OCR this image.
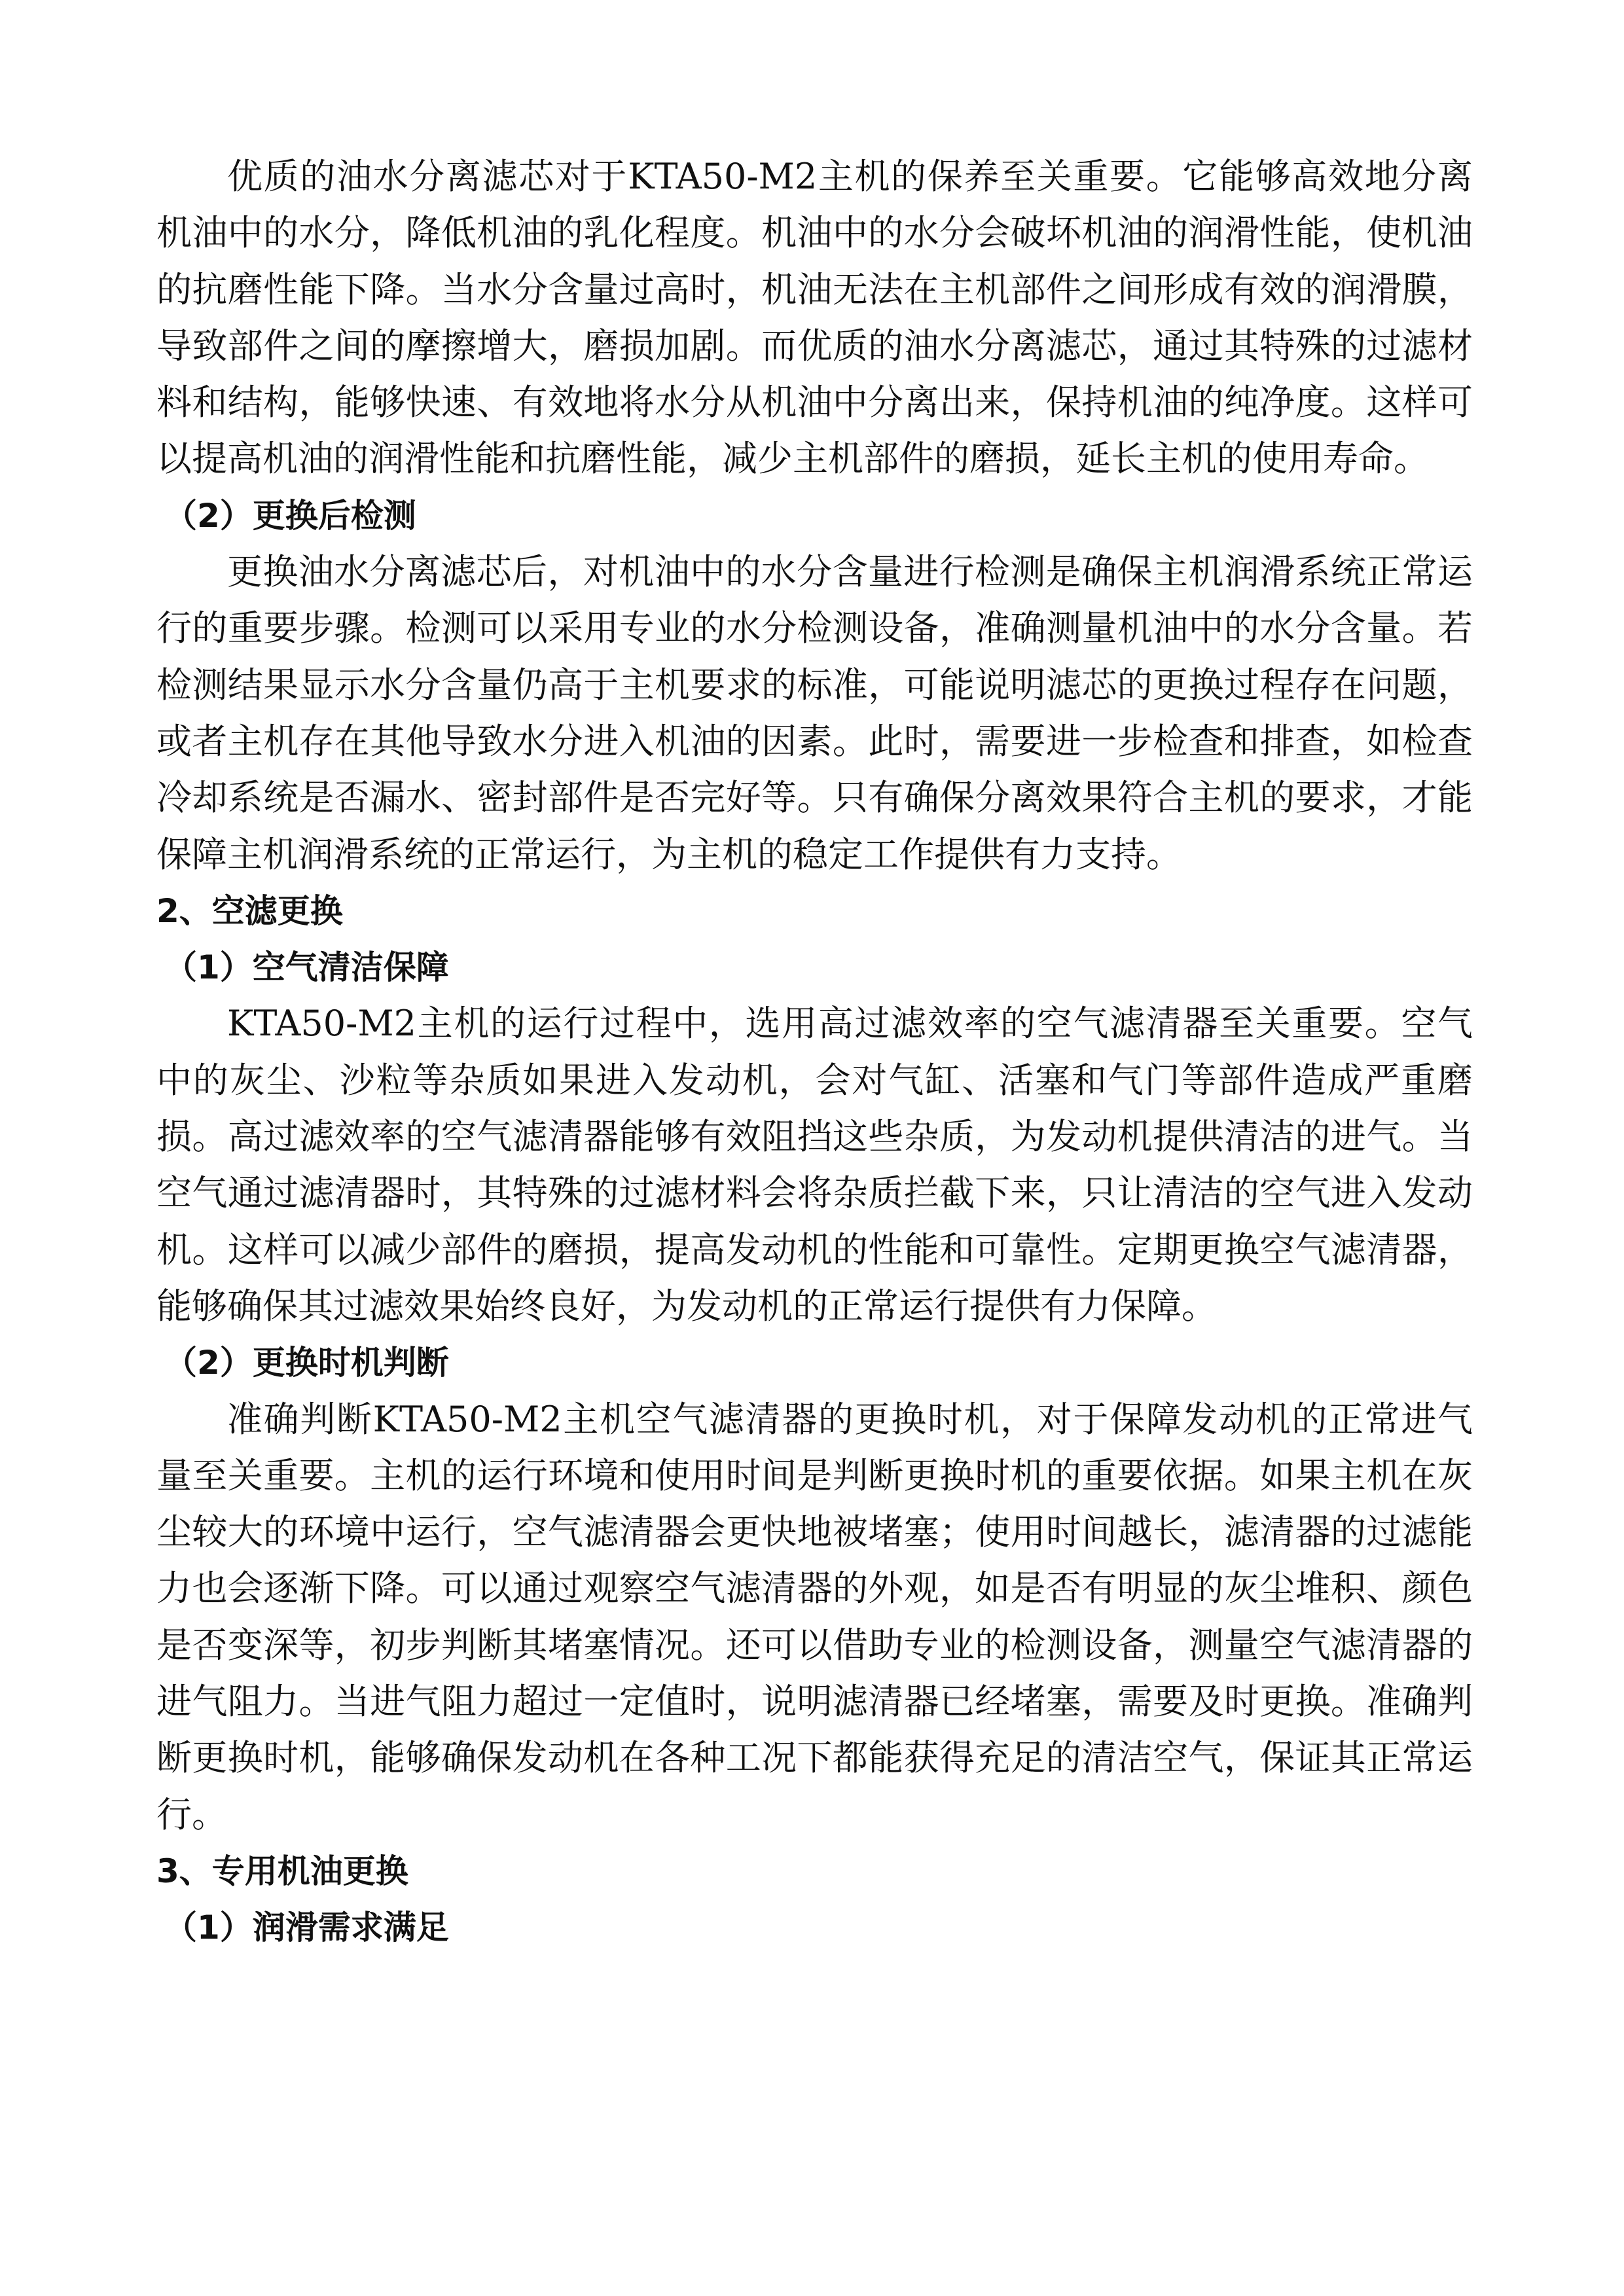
优质的油水分离滤芯对于KTA50-M2主机的保养至关重要。它能够高效地分离机油中的水分，降低机油的乳化程度。机油中的水分会破坏机油的润滑性能，使机油的抗磨性能下降。当水分含量过高时，机油无法在主机部件之间形成有效的润滑膜，导致部件之间的摩擦增大，磨损加剧。而优质的油水分离滤芯，通过其特殊的过滤材料和结构，能够快速、有效地将水分从机油中分离出来，保持机油的纯净度。这样可以提高机油的润滑性能和抗磨性能，减少主机部件的磨损，延长主机的使用寿命。

（2）更换后检测

更换油水分离滤芯后，对机油中的水分含量进行检测是确保主机润滑系统正常运行的重要步骤。检测可以采用专业的水分检测设备，准确测量机油中的水分含量。若检测结果显示水分含量仍高于主机要求的标准，可能说明滤芯的更换过程存在问题，或者主机存在其他导致水分进入机油的因素。此时，需要进一步检查和排查，如检查冷却系统是否漏水、密封部件是否完好等。只有确保分离效果符合主机的要求，才能保障主机润滑系统的正常运行，为主机的稳定工作提供有力支持。

2、空滤更换

（1）空气清洁保障

KTA50-M2主机的运行过程中，选用高过滤效率的空气滤清器至关重要。空气中的灰尘、沙粒等杂质如果进入发动机，会对气缸、活塞和气门等部件造成严重磨损。高过滤效率的空气滤清器能够有效阻挡这些杂质，为发动机提供清洁的进气。当空气通过滤清器时，其特殊的过滤材料会将杂质拦截下来，只让清洁的空气进入发动机。这样可以减少部件的磨损，提高发动机的性能和可靠性。定期更换空气滤清器，能够确保其过滤效果始终良好，为发动机的正常运行提供有力保障。

（2）更换时机判断

准确判断KTA50-M2主机空气滤清器的更换时机，对于保障发动机的正常进气量至关重要。主机的运行环境和使用时间是判断更换时机的重要依据。如果主机在灰尘较大的环境中运行，空气滤清器会更快地被堵塞；使用时间越长，滤清器的过滤能力也会逐渐下降。可以通过观察空气滤清器的外观，如是否有明显的灰尘堆积、颜色是否变深等，初步判断其堵塞情况。还可以借助专业的检测设备，测量空气滤清器的进气阻力。当进气阻力超过一定值时，说明滤清器已经堵塞，需要及时更换。准确判断更换时机，能够确保发动机在各种工况下都能获得充足的清洁空气，保证其正常运行。

3、专用机油更换

（1）润滑需求满足
